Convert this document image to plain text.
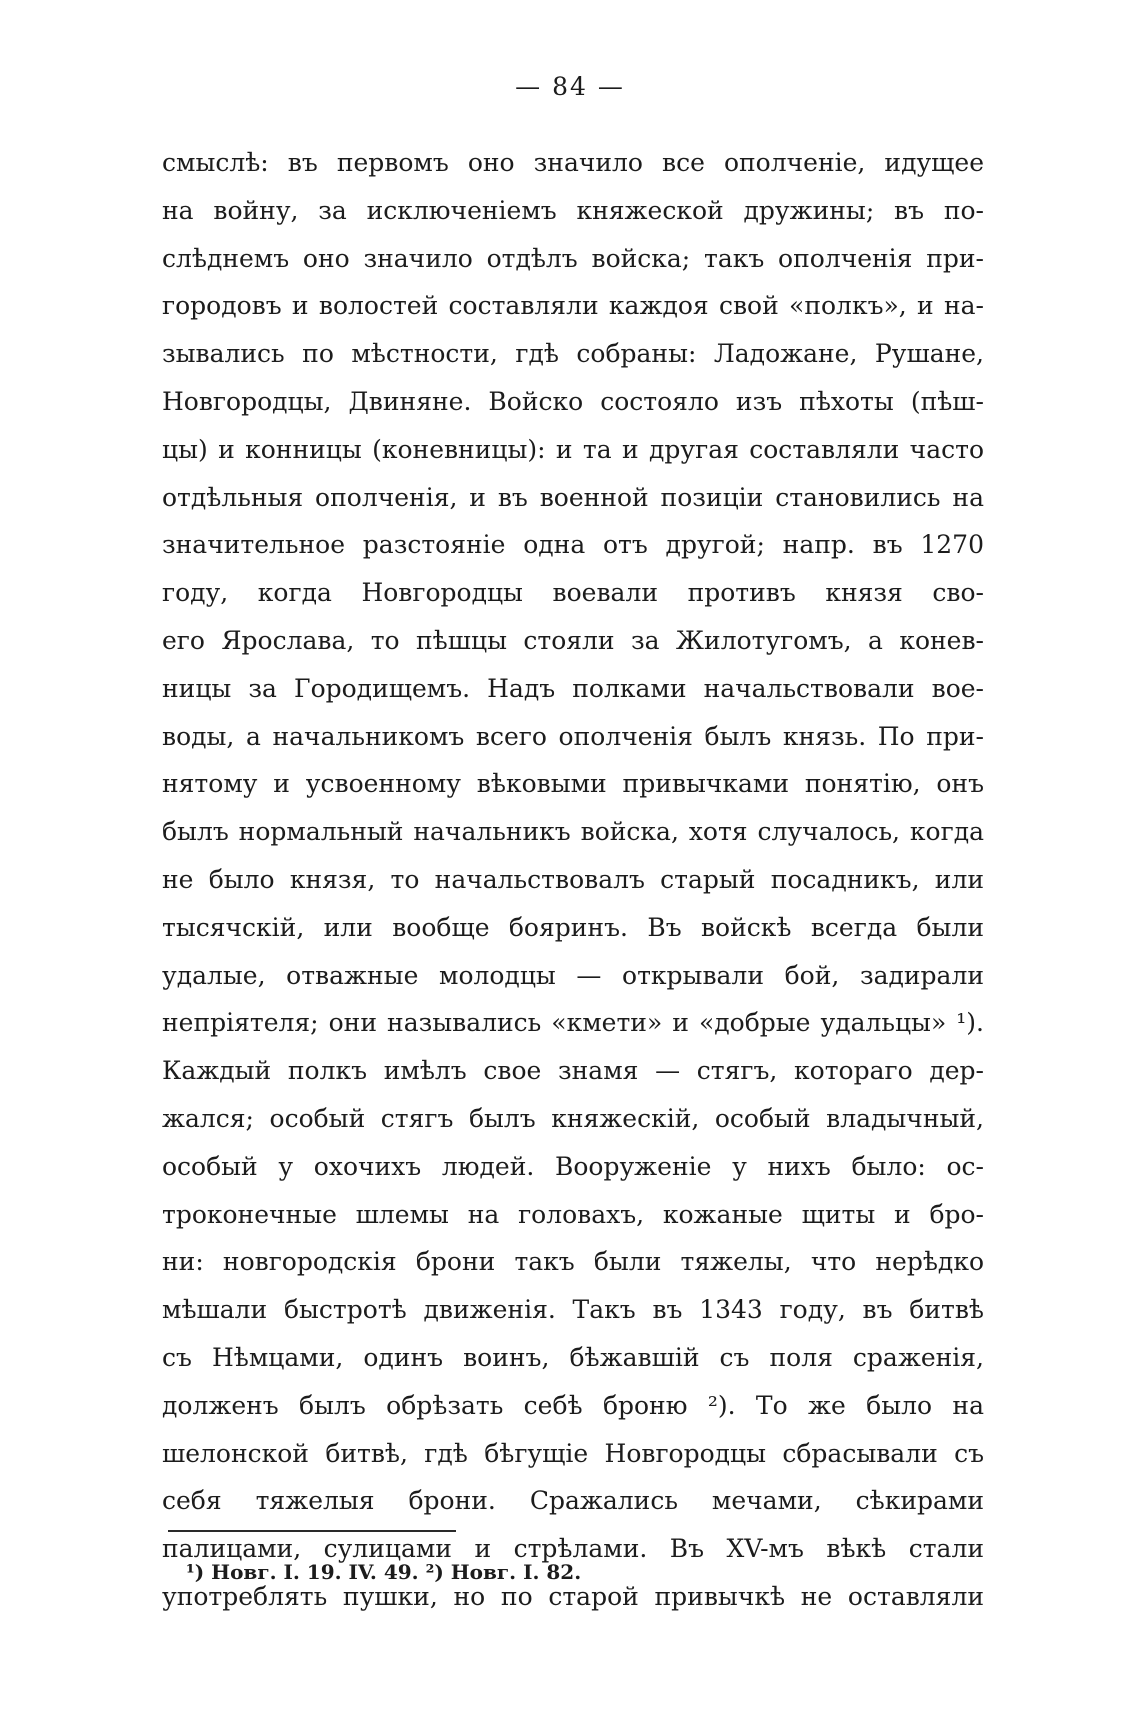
— 84 —
смыслѣ: въ первомъ оно значило все ополченіе, идущее
на войну, за исключеніемъ княжеской дружины; въ по-
слѣднемъ оно значило отдѣлъ войска; такъ ополченія при-
городовъ и волостей составляли каждоя свой «полкъ», и на-
зывались по мѣстности, гдѣ собраны: Ладожане, Рушане,
Новгородцы, Двиняне. Войско состояло изъ пѣхоты (пѣш-
цы) и конницы (коневницы): и та и другая составляли часто
отдѣльныя ополченія, и въ военной позиціи становились на
значительное разстояніе одна отъ другой; напр. въ 1270
году, когда Новгородцы воевали противъ князя сво-
его Ярослава, то пѣшцы стояли за Жилотугомъ, а конев-
ницы за Городищемъ. Надъ полками начальствовали вое-
воды, а начальникомъ всего ополченія былъ князь. По при-
нятому и усвоенному вѣковыми привычками понятію, онъ
былъ нормальный начальникъ войска, хотя случалось, когда
не было князя, то начальствовалъ старый посадникъ, или
тысячскій, или вообще бояринъ. Въ войскѣ всегда были
удалые, отважные молодцы — открывали бой, задирали
непріятеля; они назывались «кмети» и «добрые удальцы» ¹).
Каждый полкъ имѣлъ свое знамя — стягъ, котораго дер-
жался; особый стягъ былъ княжескій, особый владычный,
особый у охочихъ людей. Вооруженіе у нихъ было: ос-
троконечные шлемы на головахъ, кожаные щиты и бро-
ни: новгородскія брони такъ были тяжелы, что нерѣдко
мѣшали быстротѣ движенія. Такъ въ 1343 году, въ битвѣ
съ Нѣмцами, одинъ воинъ, бѣжавшій съ поля сраженія,
долженъ былъ обрѣзать себѣ броню ²). То же было на
шелонской битвѣ, гдѣ бѣгущіе Новгородцы сбрасывали съ
себя тяжелыя брони. Сражались мечами, сѣкирами
палицами, сулицами и стрѣлами. Въ XV-мъ вѣкѣ стали
употреблять пушки, но по старой привычкѣ не оставляли
¹) Новг. I. 19. IV. 49. ²) Новг. I. 82.
